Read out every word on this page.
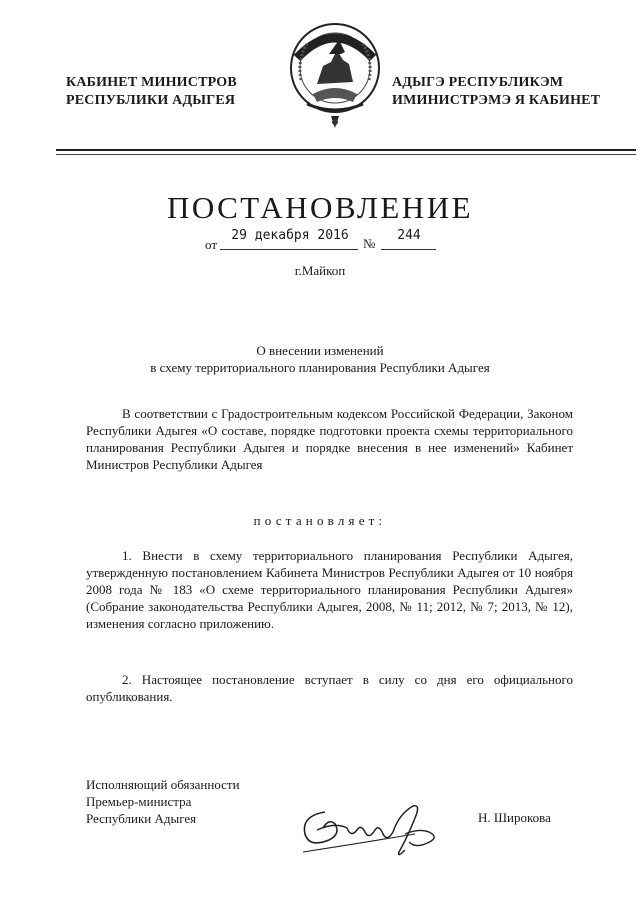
КАБИНЕТ МИНИСТРОВ
РЕСПУБЛИКИ АДЫГЕЯ
АДЫГЭ РЕСПУБЛИКЭМ
ИМИНИСТРЭМЭ Я КАБИНЕТ
ПОСТАНОВЛЕНИЕ
от
29 декабря 2016
№
244
г.Майкоп
О внесении изменений
в схему территориального планирования Республики Адыгея
В соответствии с Градостроительным кодексом Российской Федерации, Законом Республики Адыгея «О составе, порядке подготовки проекта схемы территориального планирования Республики Адыгея и порядке внесения в нее изменений» Кабинет Министров Республики Адыгея
постановляет:
1. Внести в схему территориального планирования Республики Адыгея, утвержденную постановлением Кабинета Министров Республики Адыгея от 10 ноября 2008 года № 183 «О схеме территориального планирования Республики Адыгея» (Собрание законодательства Республики Адыгея, 2008, № 11; 2012, № 7; 2013, № 12), изменения согласно приложению.
2. Настоящее постановление вступает в силу со дня его официального опубликования.
Исполняющий обязанности
Премьер-министра
Республики Адыгея	Н. Широкова
